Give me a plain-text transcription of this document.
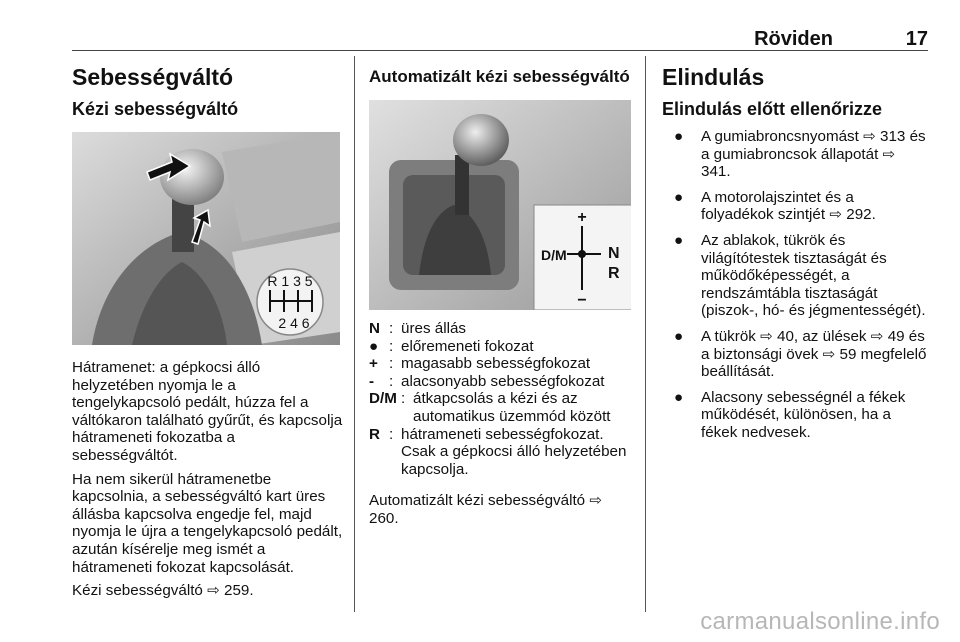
Röviden	17
Sebességváltó
Kézi sebességváltó
R 1 3 5
2 4 6

Hátramenet: a gépkocsi álló helyzetében nyomja le a tengelykapcsoló pedált, húzza fel a váltókaron található gyűrűt, és kapcsolja hátrameneti fokozatba a sebességváltót.

Ha nem sikerül hátramenetbe kapcsolnia, a sebességváltó kart üres állásba kapcsolva engedje fel, majd nyomja le újra a tengelykapcsoló pedált, azután kísérelje meg ismét a hátrameneti fokozat kapcsolását.

Kézi sebességváltó ⇨ 259.

Automatizált kézi sebességváltó
+
−
D/M	N
R
N : üres állás
● : előremeneti fokozat
+ : magasabb sebességfokozat
- : alacsonyabb sebességfokozat
D/M : átkapcsolás a kézi és az automatikus üzemmód között
R : hátrameneti sebességfokozat. Csak a gépkocsi álló helyzetében kapcsolja.

Automatizált kézi sebességváltó ⇨ 260.

Elindulás
Elindulás előtt ellenőrizze
● A gumiabroncsnyomást ⇨ 313 és a gumiabroncsok állapotát ⇨ 341.
● A motorolajszintet és a folyadékok szintjét ⇨ 292.
● Az ablakok, tükrök és világítótestek tisztaságát és működőképességét, a rendszámtábla tisztaságát (piszok-, hó- és jégmentességét).
● A tükrök ⇨ 40, az ülések ⇨ 49 és a biztonsági övek ⇨ 59 megfelelő beállítását.
● Alacsony sebességnél a fékek működését, különösen, ha a fékek nedvesek.
carmanualsonline.info
